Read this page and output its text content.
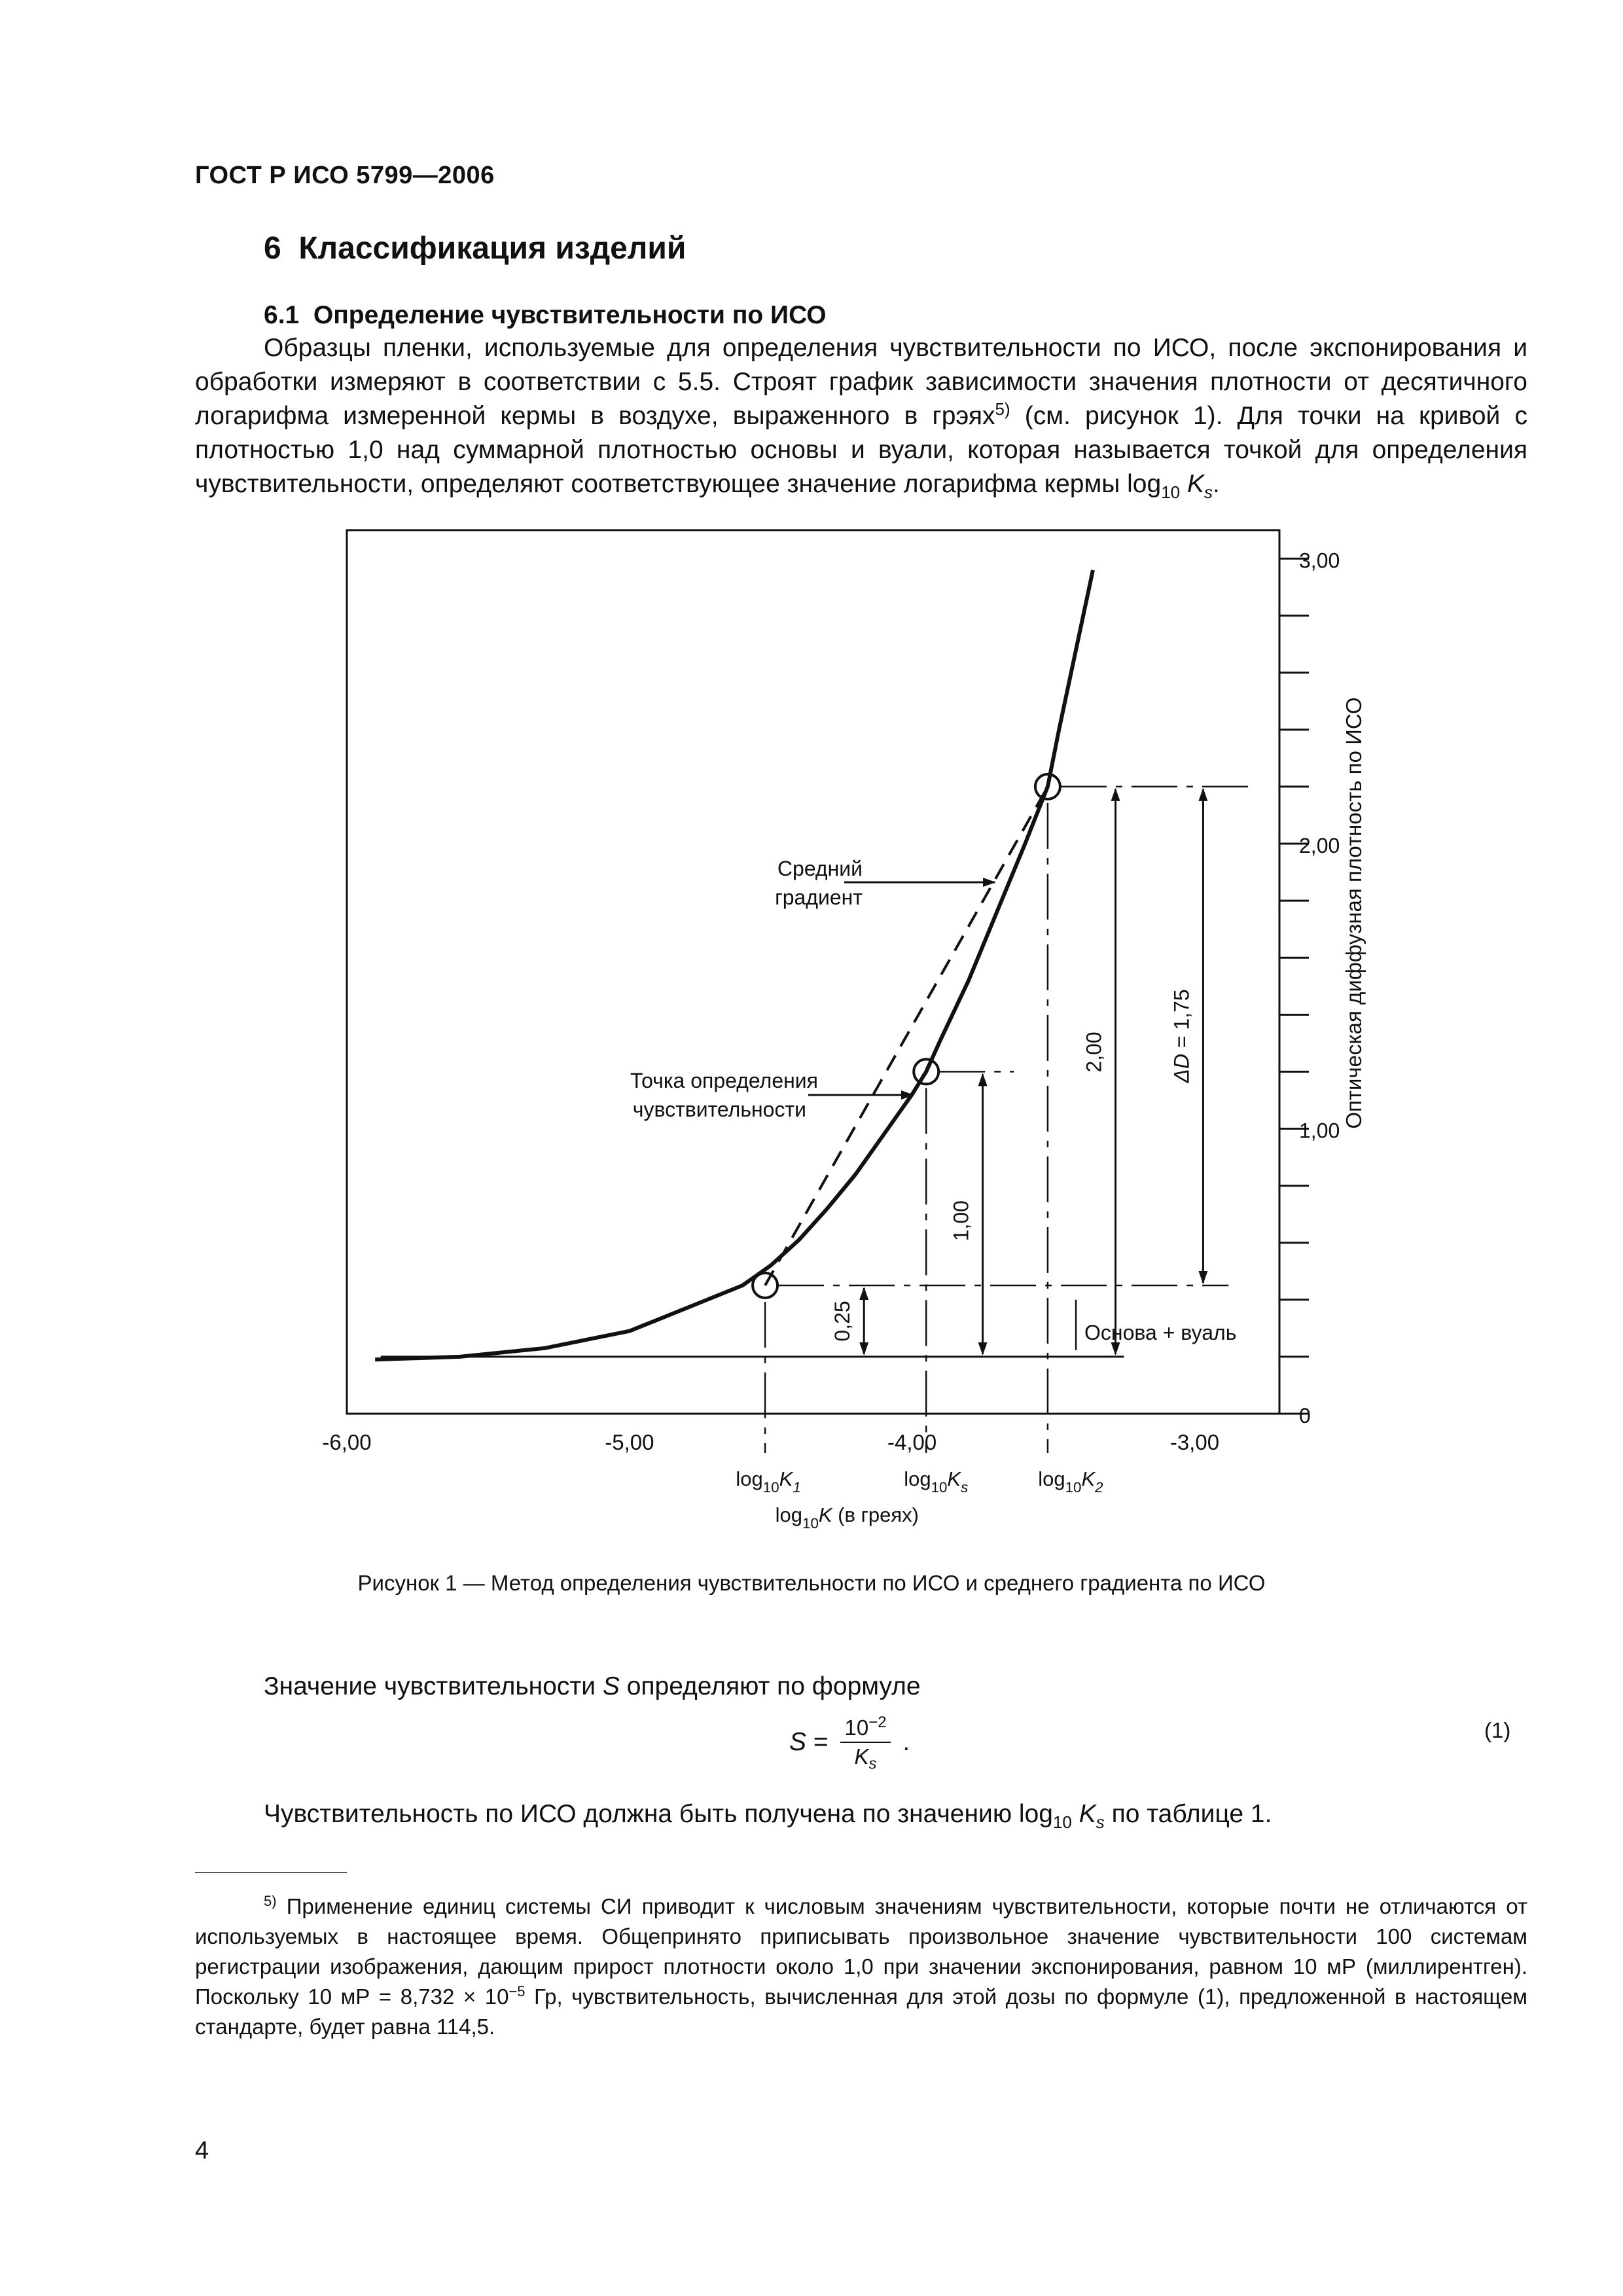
ГОСТ Р ИСО 5799—2006
6 Классификация изделий
6.1 Определение чувствительности по ИСО

Образцы пленки, используемые для определения чувствительности по ИСО, после экспонирования и обработки измеряют в соответствии с 5.5. Строят график зависимости значения плотности от десятичного логарифма измеренной кермы в воздухе, выраженного в грэях$^{5)}$ (см. рисунок 1). Для точки на кривой с плотностью 1,0 над суммарной плотностью основы и вуали, которая называется точкой для определения чувствительности, определяют соответствующее значение логарифма кермы $\log_{10} K_s$.

0
1,00
2,00
3,00
Оптическая диффузная плотность по ИСО
-6,00	-5,00	-4,00	-3,00
0,25
1,00
2,00	ΔD = 1,75
Основа + вуаль
Средний
градиент
Точка определения
чувствительности
$\log_{10}K_1$	$\log_{10}K_s$	$\log_{10}K_2$
$\log_{10}K$ (в греях)
Рисунок 1 — Метод определения чувствительности по ИСО и среднего градиента по ИСО
Значение чувствительности S определяют по формуле
$S = \frac{10^{-2}}{K_s}$ .	(1)
Чувствительность по ИСО должна быть получена по значению $\log_{10} K_s$ по таблице 1.

$^{5)}$ Применение единиц системы СИ приводит к числовым значениям чувствительности, которые почти не отличаются от используемых в настоящее время. Общепринято приписывать произвольное значение чувствительности 100 системам регистрации изображения, дающим прирост плотности около 1,0 при значении экспонирования, равном 10 мР (миллирентген). Поскольку 10 мР = $8,732 \times 10^{-5}$ Гр, чувствительность, вычисленная для этой дозы по формуле (1), предложенной в настоящем стандарте, будет равна 114,5.

4
